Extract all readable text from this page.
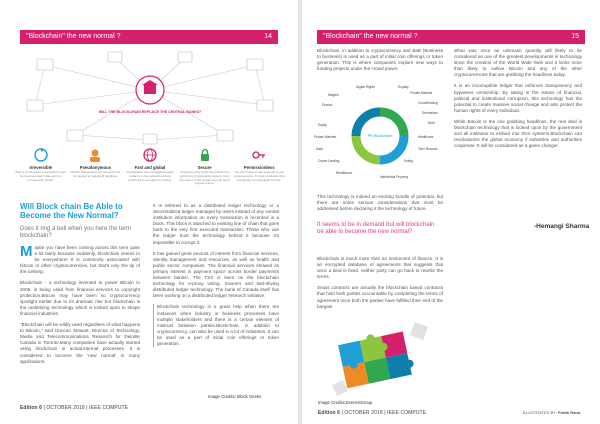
"Blockchain" the new normal ?	14
WILL THE BLOCKCHAIN REPLACE THE CENTRAL BANKS?
Irreversible
After a confirmation a transaction can't be reversed. Each data entry is permanently stored.
Pseudonymous
Neither transactions nor accounts are connected to real-world identities.
Fast and global
Transactions are propagated nearly instantly in the network and are confirmed in a couple of minutes.
Secure
Cryptocurrency funds are locked in a public key cryptography system. Only the owner of the private key can send cryptocurrency.
Permissionless
You don't have to ask anybody to use cryptocurrency. It's just a software that everybody can download for free.
Will Block chain Be Able to Become the New Normal?
Does it ring a bell when you here the term blockchain?

Maybe you have been coming across this term quite a lot lately because suddenly, blockchain seems to be everywhere! It is commonly associated with bitcoin or other cryptocurrencies, but that's only the tip of the iceberg.

Blockchain - a technology invented to power Bitcoin in 2008, is being used from financial services to copyright protection.Bitcoin may have been so cryptocurrency spotlight earlier due to its dramatic rise but blockchain is the underlying technology which is looked upon to shape financial industries.

"Blockchain will be wildly used regardless of what happens to Bitcoin," said Duncan Stewart, Director of Technology, Media and Telecommunications Research for Deloitte Canada in Toronto.Many companies have actually started using blockchain in actual,internal processes. It is considered to become the 'new normal' in many applications.

It is referred to as a distributed ledger technology or a decentralized ledger managed by users instead of any central institution information on every transaction is recorded in a block. This block is attached to existing line of chain that goes back to the very first executed transaction. Those who use the ledger trust the technology behind it because it's impossible to corrupt it.

It has gained great amount of interest from financial services, identity management and resources, as well as health and public sector companies. The financial services showed its primary interest in payment space across border payments between banks!. The TSX is keen on the blockchain technology for e-proxy voting. Insurers and tied-driving distributed ledger technology. The bank of Canada itself has been working on a distributed ledger research initiative.

Blockchain technology is a great help when there are instances when industry or business processes have multiple stakeholders and there is a certain element of mistrust between parties.Blockchain, in addition to cryptocurrency, can also be used in a lot of industries. It can be used as a part of initial coin offerings or token generation.

Image Credits: Block Geeks
Edition 6 | OCTOBER 2018 | IEEE COMPUTE
"Blockchain" the new normal ?	15
Blockchain, in addition to cryptocurrency and BaB (Business to business) is used as a part of initial coin offerings or token generation. This is where companies explore new ways to funding projects under the crowd power.
PR Blockchain
Digital Rights	Royalty
Wagers	Private Markets
Escrow	Crowdfunding
Derivatives
Equity	Debt
Private Markets	Healthcare
Data	Time Records
Crowd Lending
Remittance
Voting
Intellectual Property
This technology is indeed an exciting bundle of potential, but there are some serious considerations that must be addressed before declaring it the technology of future.
It seems to be in demand but will blockchain be able to become the new normal?

Blockchain is much more than an instrument of finance. It is an encrypted database of agreements that suggests that once a deal is fixed, neither party can go back to rewrite the terms.

Smart contracts are actually the blockchain based contracts that hold both parties accountable by completing the terms of agreement once both the parties have fulfilled their end of the bargain.

What was once an unknown quantity will likely to be considered as one of the greatest developments in technology since the creation of the World Wide Web and it looks more than likely to outlive Bitcoin and any of the other cryptocurrencies that are grabbing the headlines today.

It is an incorruptible ledger that enforces transparency and bypasses censorship. By taking in the issues of financial, political and institutional corruption, this technology has the potential to create massive social change and also protect the human rights of every individual.

While Bitcoin is the one grabbing headlines, the real deal is blockchain technology that is looked upon by the government and all institutes to embed into their systems.Blockchain can revolutionize the global economy if industries and authorities cooperate. It will be considered as a game changer.

-Hemangi Sharma
Image Credits:EverestGroup
Edition 6 | OCTOBER 2018 | IEEE COMPUTE	ILLUSTRATED BY: Pratik Rana
